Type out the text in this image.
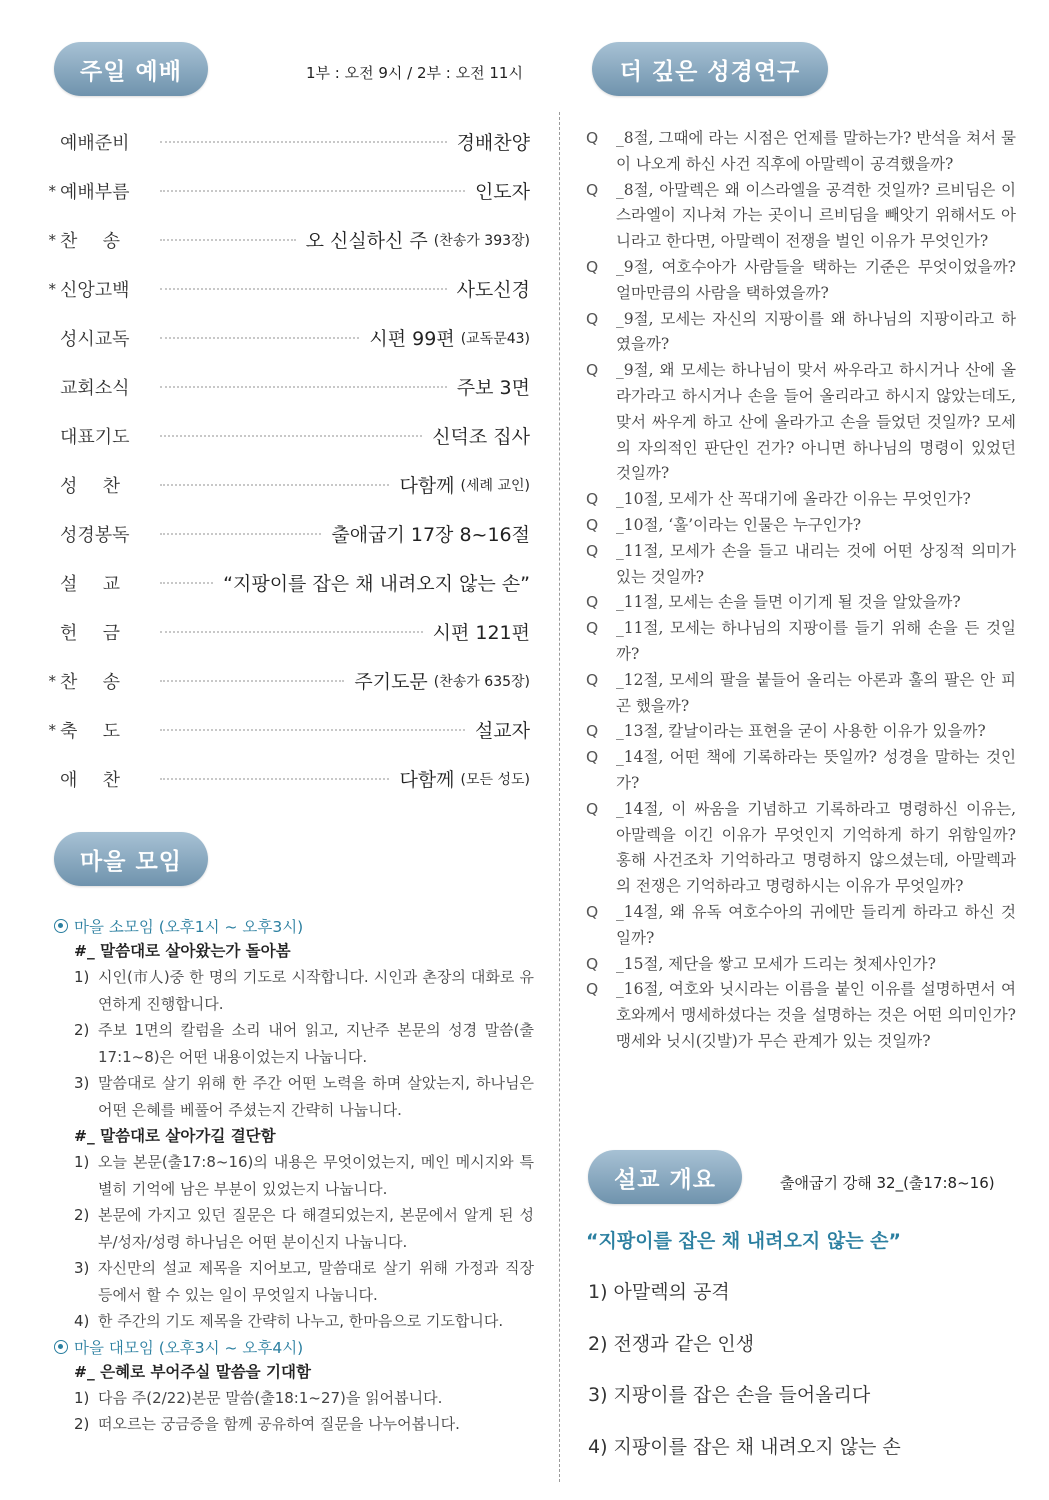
주일 예배	1부 : 오전 9시 / 2부 : 오전 11시
예배준비	경배찬양
* 예배부름	인도자
* 찬 송	오 신실하신 주 (찬송가 393장)
* 신앙고백	사도신경
성시교독	시편 99편 (교독문43)
교회소식	주보 3면
대표기도	신덕조 집사
성 찬	다함께 (세례 교인)
성경봉독	출애굽기 17장 8~16절
설 교	“지팡이를 잡은 채 내려오지 않는 손”
헌 금	시편 121편
* 찬 송	주기도문 (찬송가 635장)
* 축 도	설교자
애 찬	다함께 (모든 성도)
마을 모임
마을 소모임 (오후1시 ~ 오후3시)
#_ 말씀대로 살아왔는가 돌아봄
1) 시인(市人)중 한 명의 기도로 시작합니다. 시인과 촌장의 대화로 유연하게 진행합니다.
2) 주보 1면의 칼럼을 소리 내어 읽고, 지난주 본문의 성경 말씀(출17:1~8)은 어떤 내용이었는지 나눕니다.
3) 말씀대로 살기 위해 한 주간 어떤 노력을 하며 살았는지, 하나님은 어떤 은혜를 베풀어 주셨는지 간략히 나눕니다.
#_ 말씀대로 살아가길 결단함
1) 오늘 본문(출17:8~16)의 내용은 무엇이었는지, 메인 메시지와 특별히 기억에 남은 부분이 있었는지 나눕니다.
2) 본문에 가지고 있던 질문은 다 해결되었는지, 본문에서 알게 된 성부/성자/성령 하나님은 어떤 분이신지 나눕니다.
3) 자신만의 설교 제목을 지어보고, 말씀대로 살기 위해 가정과 직장 등에서 할 수 있는 일이 무엇일지 나눕니다.
4) 한 주간의 기도 제목을 간략히 나누고, 한마음으로 기도합니다.
마을 대모임 (오후3시 ~ 오후4시)
#_ 은혜로 부어주실 말씀을 기대함
1) 다음 주(2/22)본문 말씀(출18:1~27)을 읽어봅니다.
2) 떠오르는 궁금증을 함께 공유하여 질문을 나누어봅니다.
더 깊은 성경연구
Q	_8절, 그때에 라는 시점은 언제를 말하는가? 반석을 쳐서 물이 나오게 하신 사건 직후에 아말렉이 공격했을까?
Q	_8절, 아말렉은 왜 이스라엘을 공격한 것일까? 르비딤은 이스라엘이 지나쳐 가는 곳이니 르비딤을 빼앗기 위해서도 아니라고 한다면, 아말렉이 전쟁을 벌인 이유가 무엇인가?
Q	_9절, 여호수아가 사람들을 택하는 기준은 무엇이었을까? 얼마만큼의 사람을 택하였을까?
Q	_9절, 모세는 자신의 지팡이를 왜 하나님의 지팡이라고 하였을까?
Q	_9절, 왜 모세는 하나님이 맞서 싸우라고 하시거나 산에 올라가라고 하시거나 손을 들어 올리라고 하시지 않았는데도, 맞서 싸우게 하고 산에 올라가고 손을 들었던 것일까? 모세의 자의적인 판단인 건가? 아니면 하나님의 명령이 있었던 것일까?
Q	_10절, 모세가 산 꼭대기에 올라간 이유는 무엇인가?
Q	_10절, ‘훌’이라는 인물은 누구인가?
Q	_11절, 모세가 손을 들고 내리는 것에 어떤 상징적 의미가 있는 것일까?
Q	_11절, 모세는 손을 들면 이기게 될 것을 알았을까?
Q	_11절, 모세는 하나님의 지팡이를 들기 위해 손을 든 것일까?
Q	_12절, 모세의 팔을 붙들어 올리는 아론과 훌의 팔은 안 피곤 했을까?
Q	_13절, 칼날이라는 표현을 굳이 사용한 이유가 있을까?
Q	_14절, 어떤 책에 기록하라는 뜻일까? 성경을 말하는 것인가?
Q	_14절, 이 싸움을 기념하고 기록하라고 명령하신 이유는, 아말렉을 이긴 이유가 무엇인지 기억하게 하기 위함일까? 홍해 사건조차 기억하라고 명령하지 않으셨는데, 아말렉과의 전쟁은 기억하라고 명령하시는 이유가 무엇일까?
Q	_14절, 왜 유독 여호수아의 귀에만 들리게 하라고 하신 것일까?
Q	_15절, 제단을 쌓고 모세가 드리는 첫제사인가?
Q	_16절, 여호와 닛시라는 이름을 붙인 이유를 설명하면서 여호와께서 맹세하셨다는 것을 설명하는 것은 어떤 의미인가? 맹세와 닛시(깃발)가 무슨 관계가 있는 것일까?
설교 개요	출애굽기 강해 32_(출17:8~16)
“지팡이를 잡은 채 내려오지 않는 손”
1) 아말렉의 공격
2) 전쟁과 같은 인생
3) 지팡이를 잡은 손을 들어올리다
4) 지팡이를 잡은 채 내려오지 않는 손
